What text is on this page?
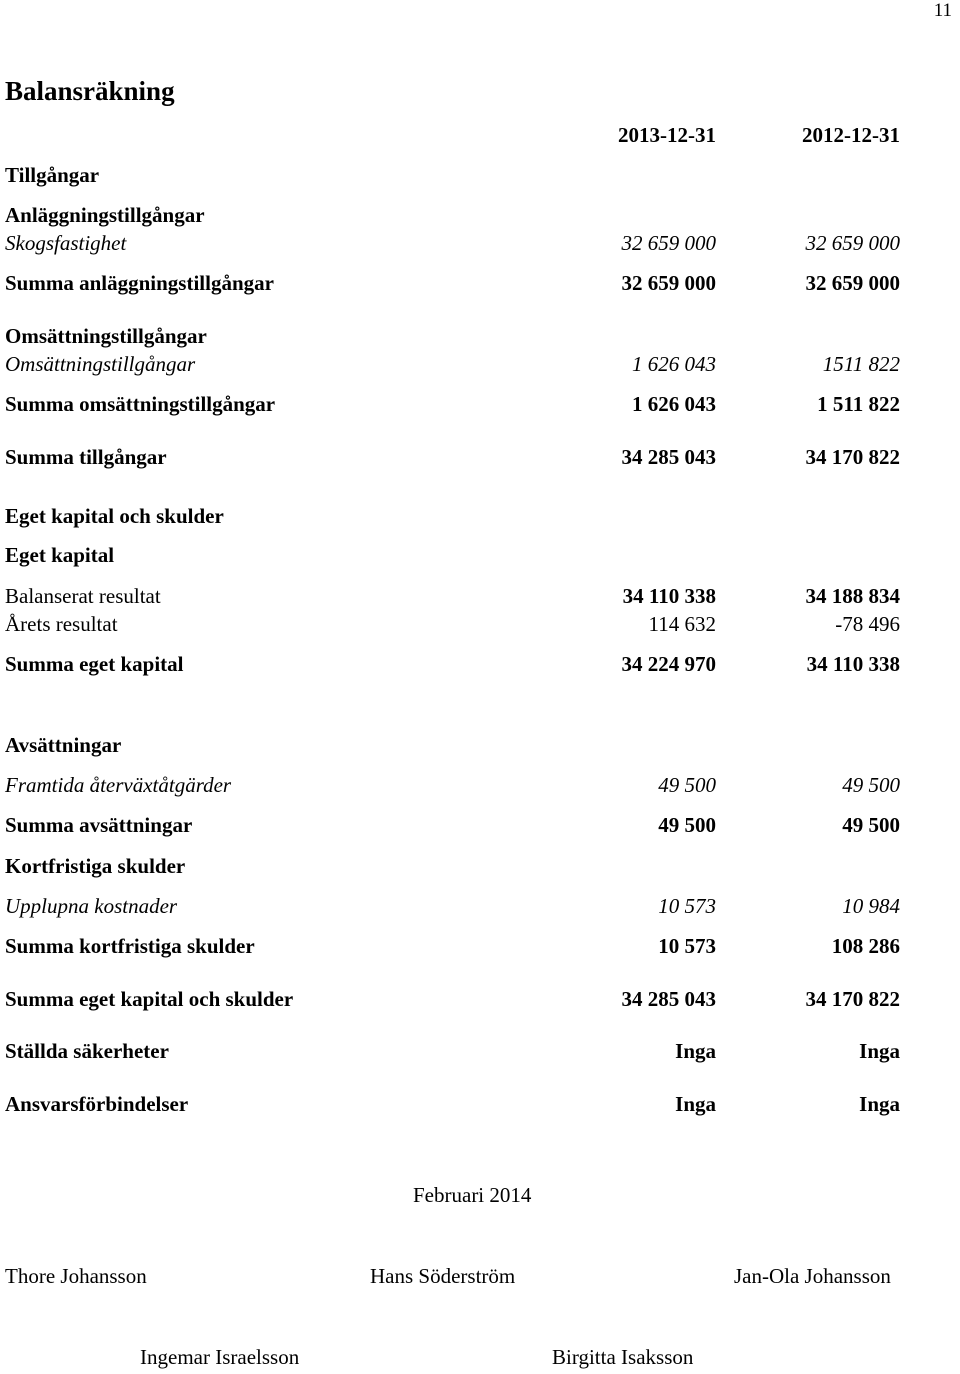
11
Balansräkning
2013-12-31	2012-12-31
Tillgångar
Anläggningstillgångar
Skogsfastighet	32 659 000	32 659 000
Summa anläggningstillgångar	32 659 000	32 659 000
Omsättningstillgångar
Omsättningstillgångar	1 626 043	1511 822
Summa omsättningstillgångar	1 626 043	1 511 822
Summa tillgångar	34 285 043	34 170 822
Eget kapital och skulder
Eget kapital
Balanserat resultat	34 110 338	34 188 834
Årets resultat	114 632	-78 496
Summa eget kapital	34 224 970	34 110 338
Avsättningar
Framtida återväxtåtgärder	49 500	49 500
Summa avsättningar	49 500	49 500
Kortfristiga skulder
Upplupna kostnader	10 573	10 984
Summa kortfristiga skulder	10 573	108 286
Summa eget kapital och skulder	34 285 043	34 170 822
Ställda säkerheter	Inga	Inga
Ansvarsförbindelser	Inga	Inga
Februari 2014
Thore Johansson	Hans Söderström	Jan-Ola Johansson
Ingemar Israelsson	Birgitta Isaksson
